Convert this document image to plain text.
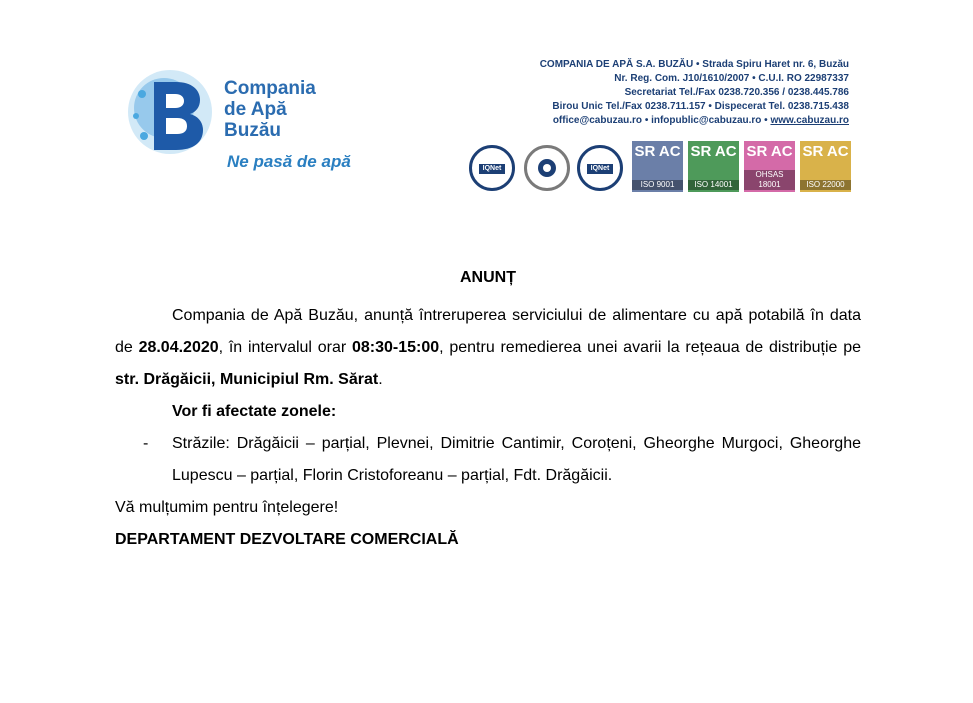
Compania
de Apă
Buzău
Ne pasă de apă
COMPANIA DE APĂ S.A. BUZĂU • Strada Spiru Haret nr. 6, Buzău
Nr. Reg. Com. J10/1610/2007 • C.U.I. RO 22987337
Secretariat Tel./Fax 0238.720.356 / 0238.445.786
Birou Unic Tel./Fax 0238.711.157 • Dispecerat Tel. 0238.715.438
office@cabuzau.ro • infopublic@cabuzau.ro • www.cabuzau.ro
IQNet	IQNet
SR AC
ISO 9001
SR AC
ISO 14001
SR AC
OHSAS 18001
SR AC
ISO 22000

ANUNȚ

Compania de Apă Buzău, anunță întreruperea serviciului de alimentare cu apă potabilă în data de 28.04.2020, în intervalul orar 08:30-15:00, pentru remedierea unei avarii la rețeaua de distribuție pe str. Drăgăicii, Municipiul Rm. Sărat.

Vor fi afectate zonele:

- Străzile: Drăgăicii – parțial, Plevnei, Dimitrie Cantimir, Coroțeni, Gheorghe Murgoci, Gheorghe Lupescu – parțial, Florin Cristoforeanu – parțial, Fdt. Drăgăicii.

Vă mulțumim pentru înțelegere!

DEPARTAMENT DEZVOLTARE COMERCIALĂ
